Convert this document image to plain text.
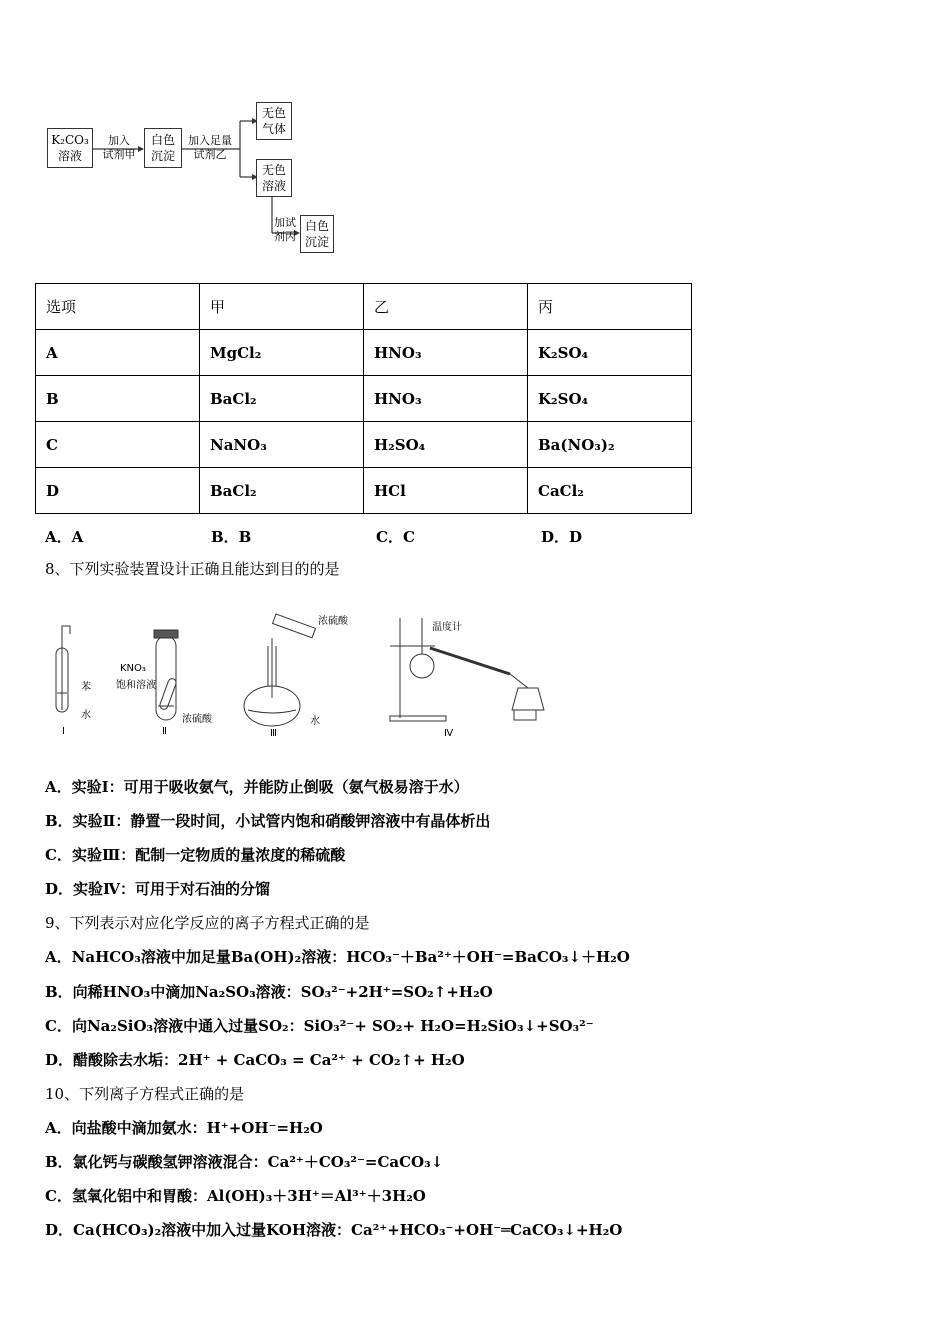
K₂CO₃
溶液
加入
试剂甲
白色
沉淀
加入足量
试剂乙
无色
气体
无色
溶液
加试
剂丙
白色
沉淀
选项	甲	乙	丙
A	MgCl₂	HNO₃	K₂SO₄
B	BaCl₂	HNO₃	K₂SO₄
C	NaNO₃	H₂SO₄	Ba(NO₃)₂
D	BaCl₂	HCl	CaCl₂
A．A	B．B	C．C	D．D
8、下列实验装置设计正确且能达到目的的是
苯
水
KNO₃
饱和溶液
浓硫酸
浓硫酸
水
温度计
Ⅰ	Ⅱ	Ⅲ	Ⅳ
A．实验Ⅰ：可用于吸收氨气，并能防止倒吸（氨气极易溶于水）
B．实验Ⅱ：静置一段时间，小试管内饱和硝酸钾溶液中有晶体析出
C．实验Ⅲ：配制一定物质的量浓度的稀硫酸
D．实验Ⅳ：可用于对石油的分馏
9、下列表示对应化学反应的离子方程式正确的是
A．NaHCO₃溶液中加足量Ba(OH)₂溶液：HCO₃⁻＋Ba²⁺＋OH⁻=BaCO₃↓＋H₂O
B．向稀HNO₃中滴加Na₂SO₃溶液：SO₃²⁻+2H⁺=SO₂↑+H₂O
C．向Na₂SiO₃溶液中通入过量SO₂：SiO₃²⁻+ SO₂+ H₂O=H₂SiO₃↓+SO₃²⁻
D．醋酸除去水垢：2H⁺ + CaCO₃ = Ca²⁺ + CO₂↑+ H₂O
10、下列离子方程式正确的是
A．向盐酸中滴加氨水：H⁺+OH⁻=H₂O
B．氯化钙与碳酸氢钾溶液混合：Ca²⁺＋CO₃²⁻=CaCO₃↓
C．氢氧化铝中和胃酸：Al(OH)₃＋3H⁺＝Al³⁺＋3H₂O
D．Ca(HCO₃)₂溶液中加入过量KOH溶液：Ca²⁺+HCO₃⁻+OH⁻═CaCO₃↓+H₂O
